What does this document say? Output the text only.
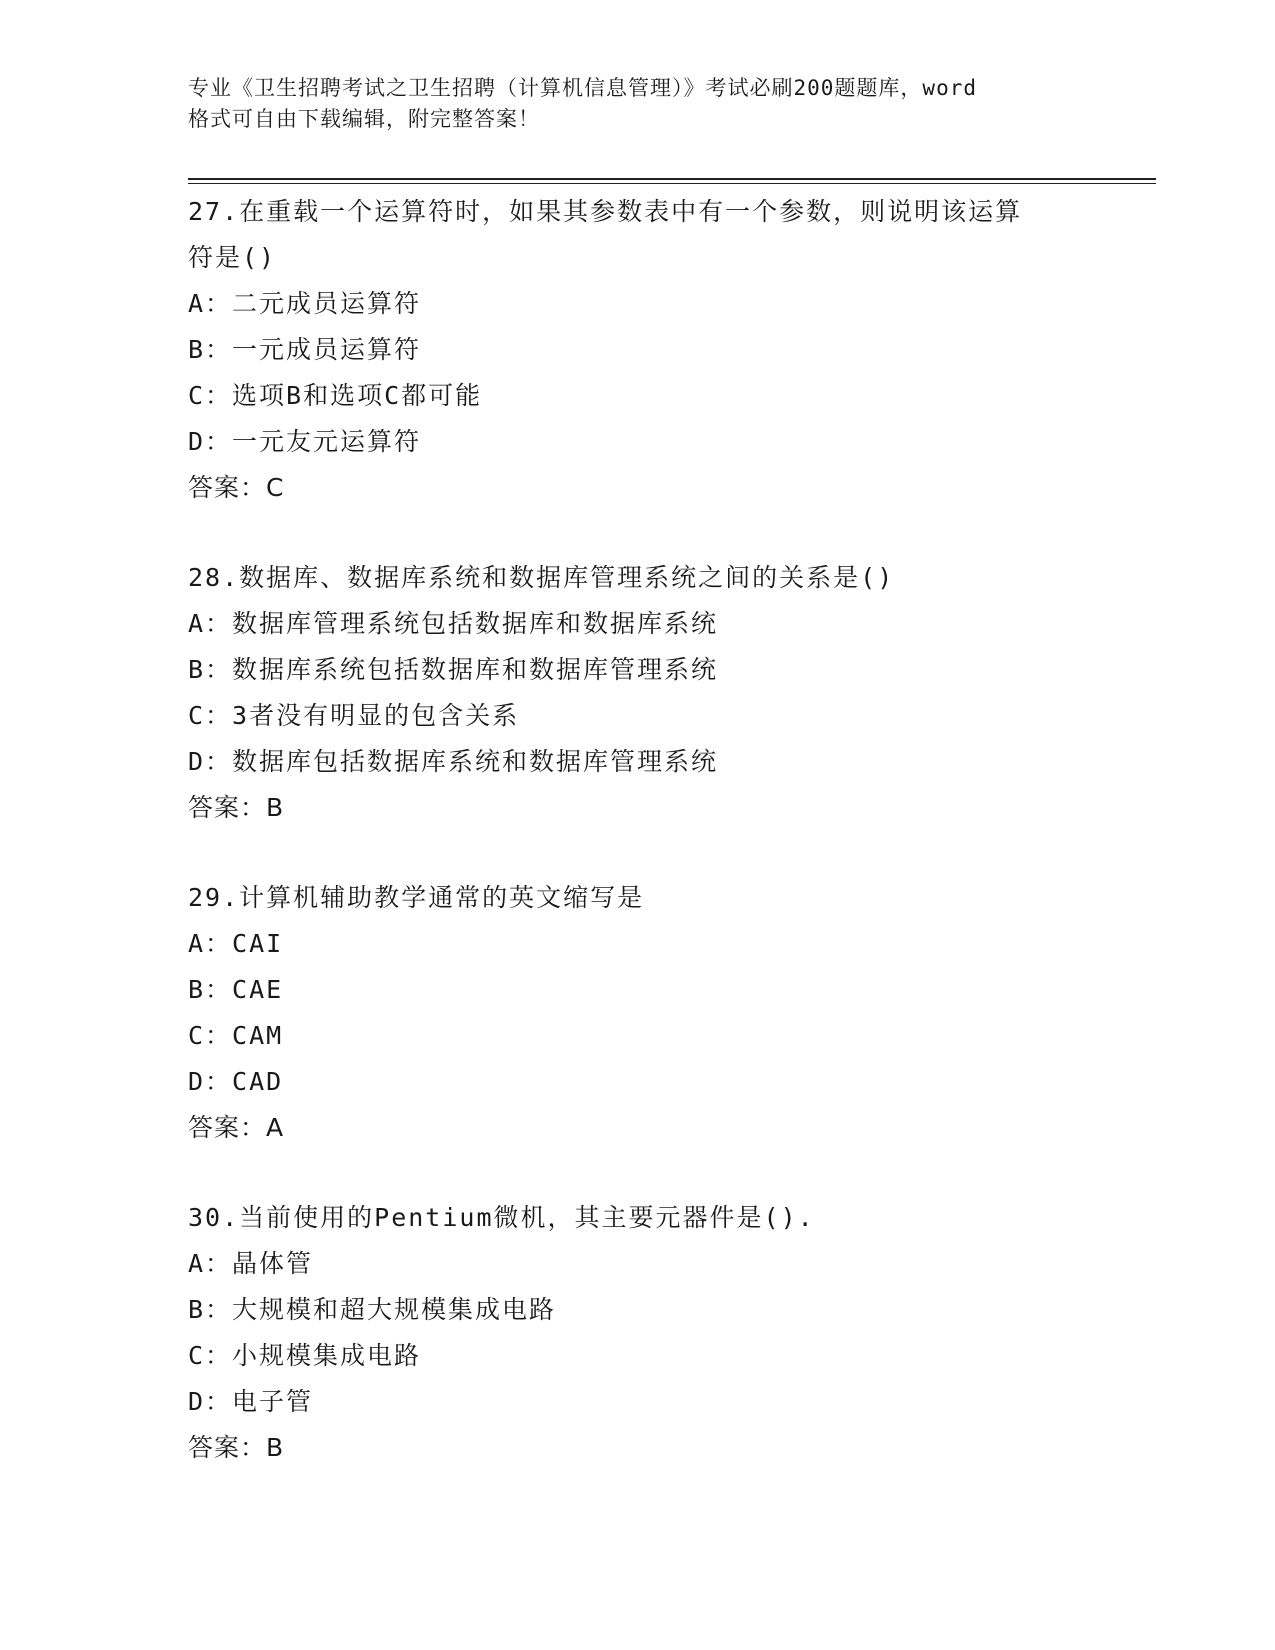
专业《卫生招聘考试之卫生招聘（计算机信息管理）》考试必刷200题题库，word
格式可自由下载编辑，附完整答案！
27.在重载一个运算符时，如果其参数表中有一个参数，则说明该运算
符是()
A：二元成员运算符
B：一元成员运算符
C：选项B和选项C都可能
D：一元友元运算符
答案：C
28.数据库、数据库系统和数据库管理系统之间的关系是()
A：数据库管理系统包括数据库和数据库系统
B：数据库系统包括数据库和数据库管理系统
C：3者没有明显的包含关系
D：数据库包括数据库系统和数据库管理系统
答案：B
29.计算机辅助教学通常的英文缩写是
A：CAI
B：CAE
C：CAM
D：CAD
答案：A
30.当前使用的Pentium微机，其主要元器件是().
A：晶体管
B：大规模和超大规模集成电路
C：小规模集成电路
D：电子管
答案：B
